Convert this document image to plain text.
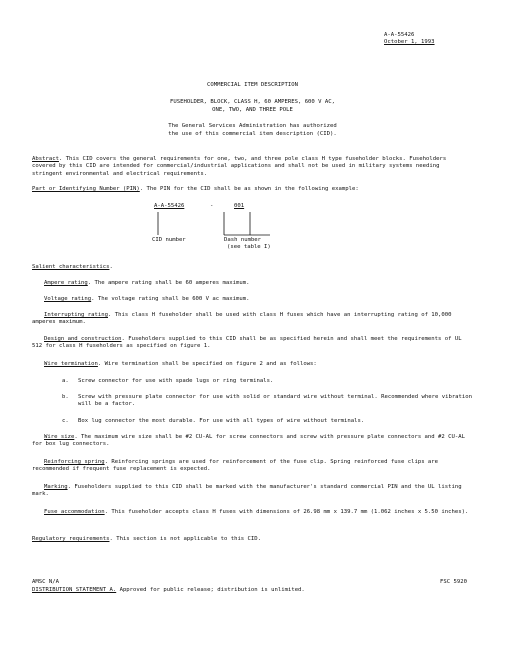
A-A-55426
October 1, 1993
COMMERCIAL ITEM DESCRIPTION
FUSEHOLDER, BLOCK, CLASS H, 60 AMPERES, 600 V AC,
ONE, TWO, AND THREE POLE
The General Services Administration has authorized
the use of this commercial item description (CID).

Abstract. This CID covers the general requirements for one, two, and three pole class H type fuseholder blocks. Fuseholders covered by this CID are intended for commercial/industrial applications and shall not be used in military systems needing stringent environmental and electrical requirements.

Part or Identifying Number (PIN). The PIN for the CID shall be as shown in the following example:

A-A-55426	-	001
CID number	Dash number
(see table I)

Salient characteristics.

Ampere rating. The ampere rating shall be 60 amperes maximum.

Voltage rating. The voltage rating shall be 600 V ac maximum.

Interrupting rating. This class H fuseholder shall be used with class H fuses which have an interrupting rating of 10,000 amperes maximum.

Design and construction. Fuseholders supplied to this CID shall be as specified herein and shall meet the requirements of UL 512 for class H fuseholders as specified on figure 1.

Wire termination. Wire termination shall be specified on figure 2 and as follows:

a.	Screw connector for use with spade lugs or ring terminals.
b.	Screw with pressure plate connector for use with solid or standard wire without terminal. Recommended where vibration will be a factor.
c.	Box lug connector the most durable. For use with all types of wire without terminals.

Wire size. The maximum wire size shall be #2 CU-AL for screw connectors and screw with pressure plate connectors and #2 CU-AL for box lug connectors.

Reinforcing spring. Reinforcing springs are used for reinforcement of the fuse clip. Spring reinforced fuse clips are recommended if frequent fuse replacement is expected.

Marking. Fuseholders supplied to this CID shall be marked with the manufacturer's standard commercial PIN and the UL listing mark.

Fuse accommodation. This fuseholder accepts class H fuses with dimensions of 26.98 mm x 139.7 mm (1.062 inches x 5.50 inches).

Regulatory requirements. This section is not applicable to this CID.

AMSC N/A	FSC 5920

DISTRIBUTION STATEMENT A. Approved for public release; distribution is unlimited.
